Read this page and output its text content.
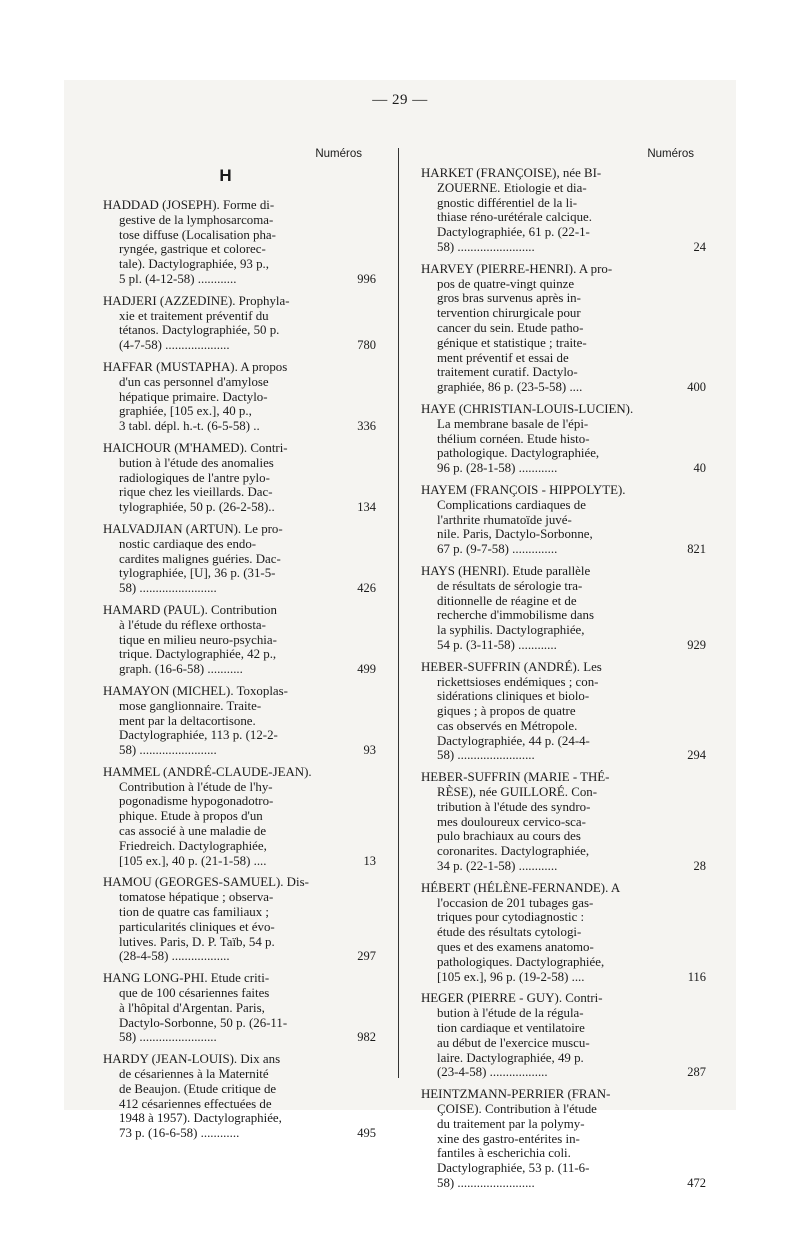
— 29 —
Numéros
H
HADDAD (JOSEPH). Forme di-
gestive de la lymphosarcoma-
tose diffuse (Localisation pha-
ryngée, gastrique et colorec-
tale). Dactylographiée, 93 p.,
5 pl. (4-12-58) ............	996
HADJERI (AZZEDINE). Prophyla-
xie et traitement préventif du
tétanos. Dactylographiée, 50 p.
(4-7-58) ....................	780
HAFFAR (MUSTAPHA). A propos
d'un cas personnel d'amylose
hépatique primaire. Dactylo-
graphiée, [105 ex.], 40 p.,
3 tabl. dépl. h.-t. (6-5-58) ..	336
HAICHOUR (M'HAMED). Contri-
bution à l'étude des anomalies
radiologiques de l'antre pylo-
rique chez les vieillards. Dac-
tylographiée, 50 p. (26-2-58)..	134
HALVADJIAN (ARTUN). Le pro-
nostic cardiaque des endo-
cardites malignes guéries. Dac-
tylographiée, [U], 36 p. (31-5-
58) ........................	426
HAMARD (PAUL). Contribution
à l'étude du réflexe orthosta-
tique en milieu neuro-psychia-
trique. Dactylographiée, 42 p.,
graph. (16-6-58) ...........	499
HAMAYON (MICHEL). Toxoplas-
mose ganglionnaire. Traite-
ment par la deltacortisone.
Dactylographiée, 113 p. (12-2-
58) ........................	93
HAMMEL (ANDRÉ-CLAUDE-JEAN).
Contribution à l'étude de l'hy-
pogonadisme hypogonadotro-
phique. Etude à propos d'un
cas associé à une maladie de
Friedreich. Dactylographiée,
[105 ex.], 40 p. (21-1-58) ....	13
HAMOU (GEORGES-SAMUEL). Dis-
tomatose hépatique ; observa-
tion de quatre cas familiaux ;
particularités cliniques et évo-
lutives. Paris, D. P. Taïb, 54 p.
(28-4-58) ..................	297
HANG LONG-PHI. Etude criti-
que de 100 césariennes faites
à l'hôpital d'Argentan. Paris,
Dactylo-Sorbonne, 50 p. (26-11-
58) ........................	982
HARDY (JEAN-LOUIS). Dix ans
de césariennes à la Maternité
de Beaujon. (Etude critique de
412 césariennes effectuées de
1948 à 1957). Dactylographiée,
73 p. (16-6-58) ............	495
Numéros
HARKET (FRANÇOISE), née BI-
ZOUERNE. Etiologie et dia-
gnostic différentiel de la li-
thiase réno-urétérale calcique.
Dactylographiée, 61 p. (22-1-
58) ........................	24
HARVEY (PIERRE-HENRI). A pro-
pos de quatre-vingt quinze
gros bras survenus après in-
tervention chirurgicale pour
cancer du sein. Etude patho-
génique et statistique ; traite-
ment préventif et essai de
traitement curatif. Dactylo-
graphiée, 86 p. (23-5-58) ....	400
HAYE (CHRISTIAN-LOUIS-LUCIEN).
La membrane basale de l'épi-
thélium cornéen. Etude histo-
pathologique. Dactylographiée,
96 p. (28-1-58) ............	40
HAYEM (FRANÇOIS - HIPPOLYTE).
Complications cardiaques de
l'arthrite rhumatoïde juvé-
nile. Paris, Dactylo-Sorbonne,
67 p. (9-7-58) ..............	821
HAYS (HENRI). Etude parallèle
de résultats de sérologie tra-
ditionnelle de réagine et de
recherche d'immobilisme dans
la syphilis. Dactylographiée,
54 p. (3-11-58) ............	929
HEBER-SUFFRIN (ANDRÉ). Les
rickettsioses endémiques ; con-
sidérations cliniques et biolo-
giques ; à propos de quatre
cas observés en Métropole.
Dactylographiée, 44 p. (24-4-
58) ........................	294
HEBER-SUFFRIN (MARIE - THÉ-
RÈSE), née GUILLORÉ. Con-
tribution à l'étude des syndro-
mes douloureux cervico-sca-
pulo brachiaux au cours des
coronarites. Dactylographiée,
34 p. (22-1-58) ............	28
HÉBERT (HÉLÈNE-FERNANDE). A
l'occasion de 201 tubages gas-
triques pour cytodiagnostic :
étude des résultats cytologi-
ques et des examens anatomo-
pathologiques. Dactylographiée,
[105 ex.], 96 p. (19-2-58) ....	116
HEGER (PIERRE - GUY). Contri-
bution à l'étude de la régula-
tion cardiaque et ventilatoire
au début de l'exercice muscu-
laire. Dactylographiée, 49 p.
(23-4-58) ..................	287
HEINTZMANN-PERRIER (FRAN-
ÇOISE). Contribution à l'étude
du traitement par la polymy-
xine des gastro-entérites in-
fantiles à escherichia coli.
Dactylographiée, 53 p. (11-6-
58) ........................	472
